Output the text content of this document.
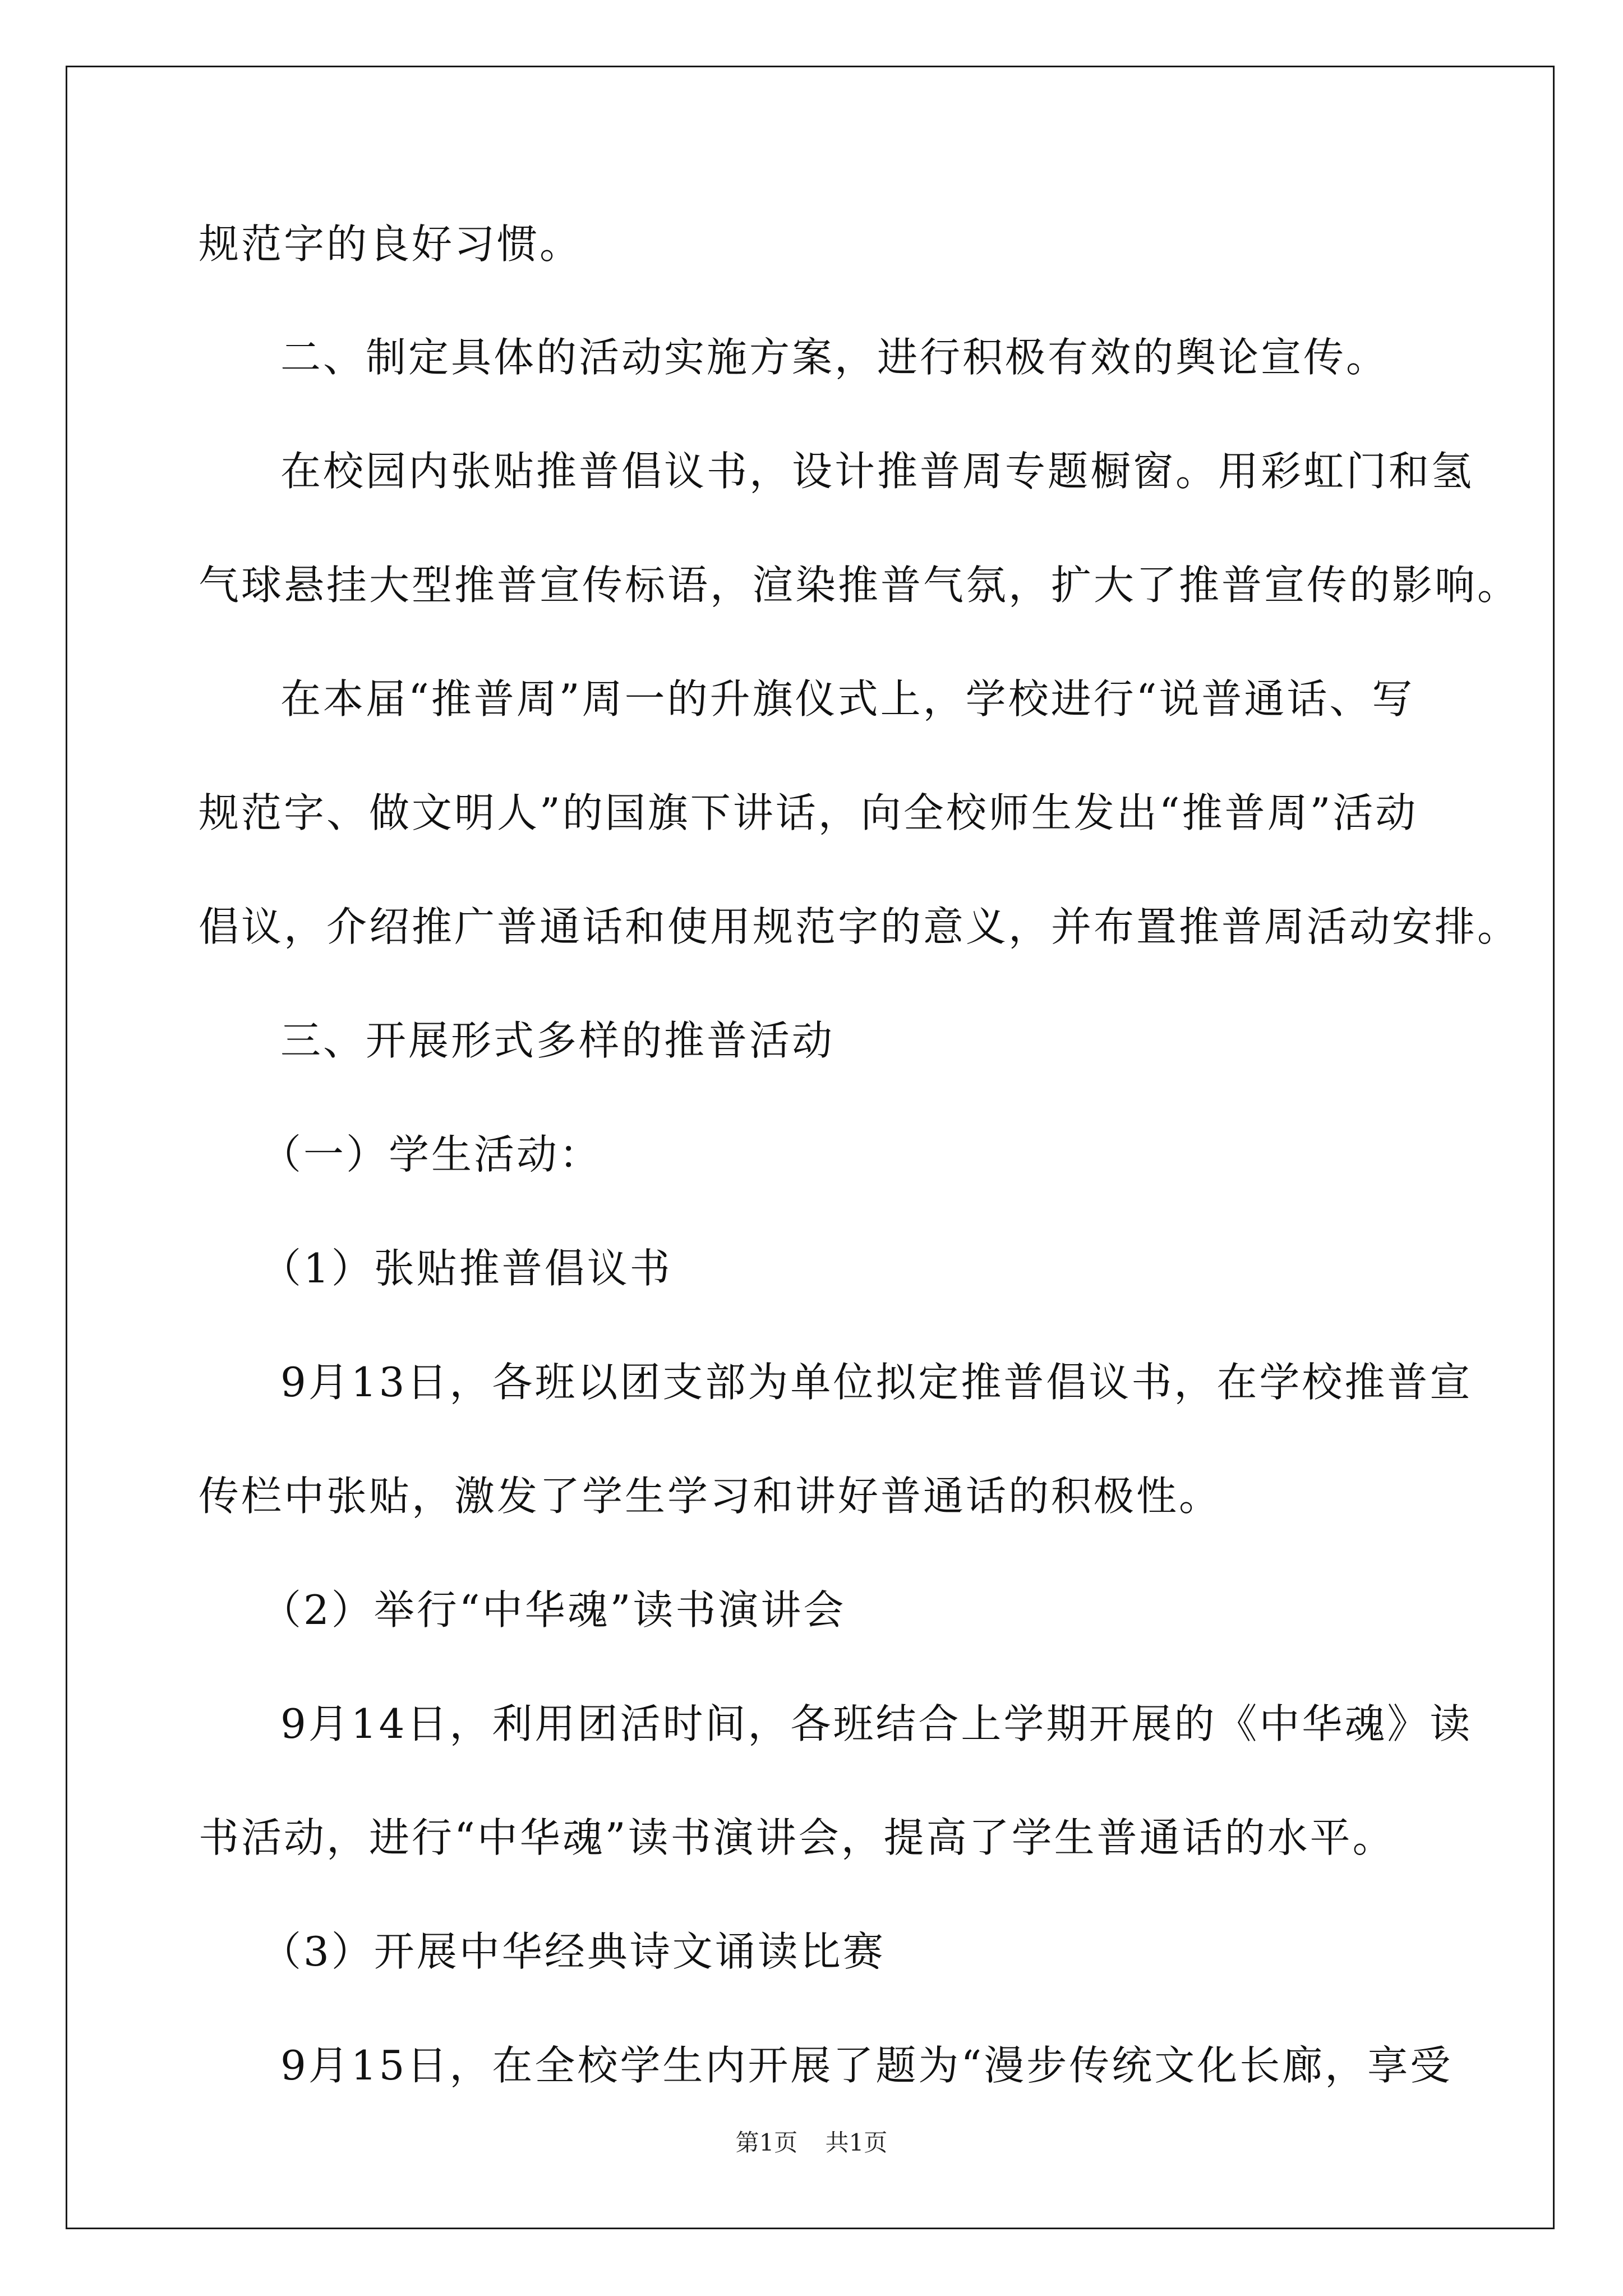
规范字的良好习惯。
二、制定具体的活动实施方案，进行积极有效的舆论宣传。
在校园内张贴推普倡议书，设计推普周专题橱窗。用彩虹门和氢
气球悬挂大型推普宣传标语，渲染推普气氛，扩大了推普宣传的影响。
在本届“推普周”周一的升旗仪式上，学校进行“说普通话、写
规范字、做文明人”的国旗下讲话，向全校师生发出“推普周”活动
倡议，介绍推广普通话和使用规范字的意义，并布置推普周活动安排。
三、开展形式多样的推普活动
（一）学生活动：
（1）张贴推普倡议书
9月13日，各班以团支部为单位拟定推普倡议书，在学校推普宣
传栏中张贴，激发了学生学习和讲好普通话的积极性。
（2）举行“中华魂”读书演讲会
9月14日，利用团活时间，各班结合上学期开展的《中华魂》读
书活动，进行“中华魂”读书演讲会，提高了学生普通话的水平。
（3）开展中华经典诗文诵读比赛
9月15日，在全校学生内开展了题为“漫步传统文化长廊，享受
第1页 共1页
